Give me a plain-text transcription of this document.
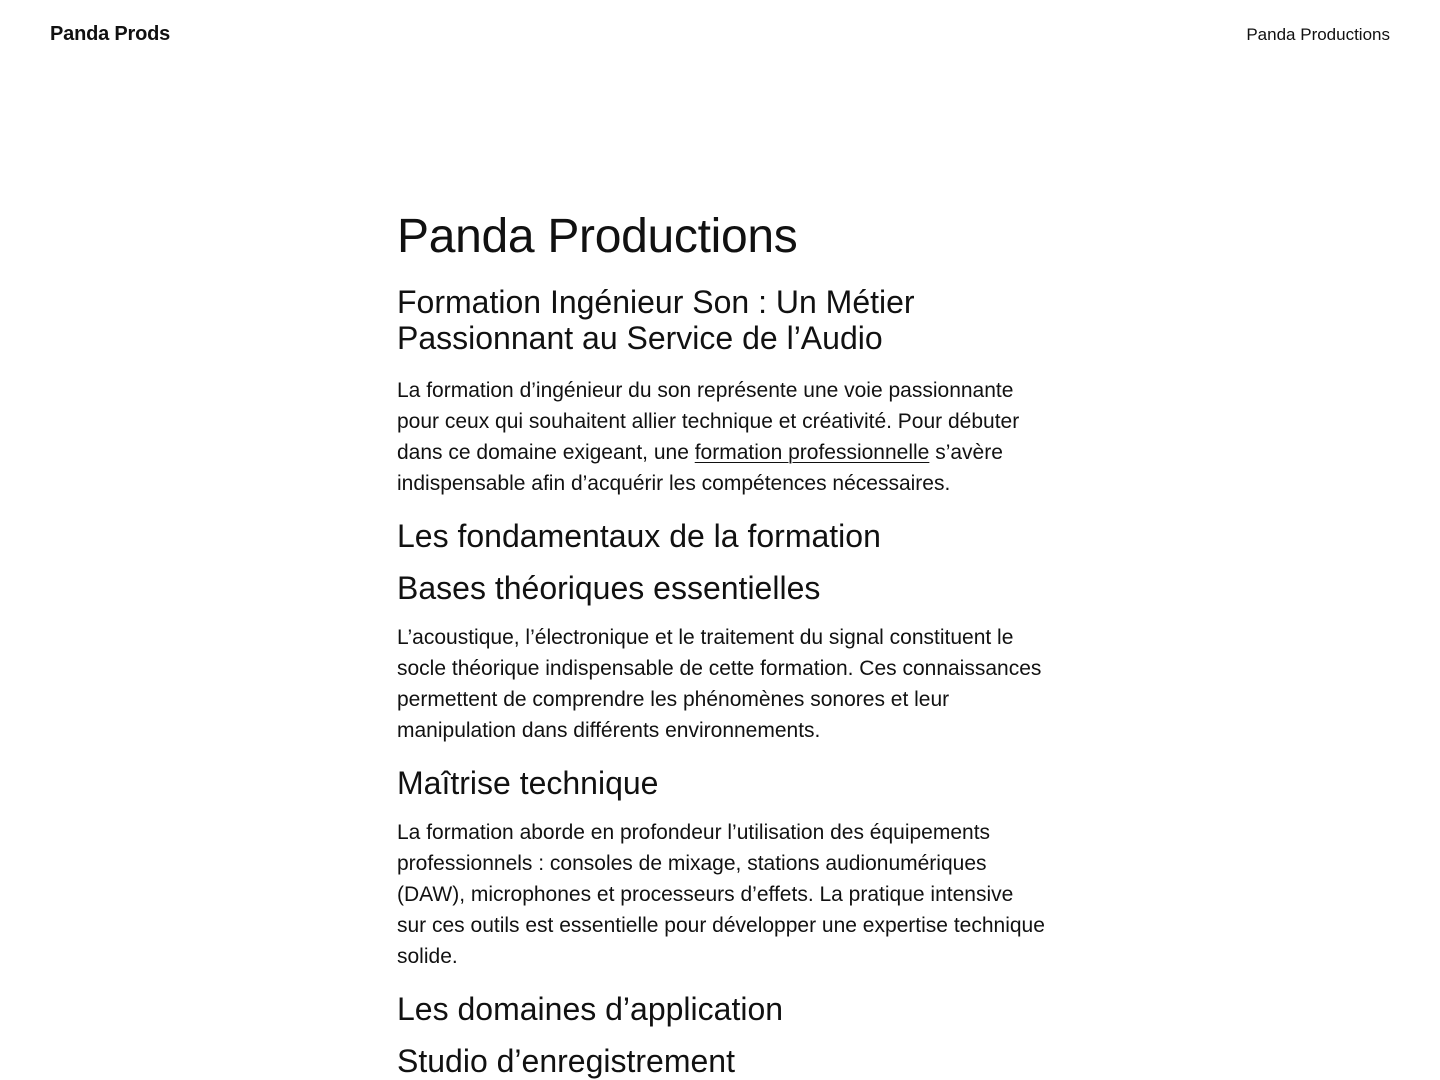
Panda Prods	Panda Productions
Panda Productions
Formation Ingénieur Son : Un Métier Passionnant au Service de l’Audio

La formation d’ingénieur du son représente une voie passionnante pour ceux qui souhaitent allier technique et créativité. Pour débuter dans ce domaine exigeant, une formation professionnelle s’avère indispensable afin d’acquérir les compétences nécessaires.

Les fondamentaux de la formation
Bases théoriques essentielles

L’acoustique, l’électronique et le traitement du signal constituent le socle théorique indispensable de cette formation. Ces connaissances permettent de comprendre les phénomènes sonores et leur manipulation dans différents environnements.

Maîtrise technique

La formation aborde en profondeur l’utilisation des équipements professionnels : consoles de mixage, stations audionumériques (DAW), microphones et processeurs d’effets. La pratique intensive sur ces outils est essentielle pour développer une expertise technique solide.

Les domaines d’application
Studio d’enregistrement
